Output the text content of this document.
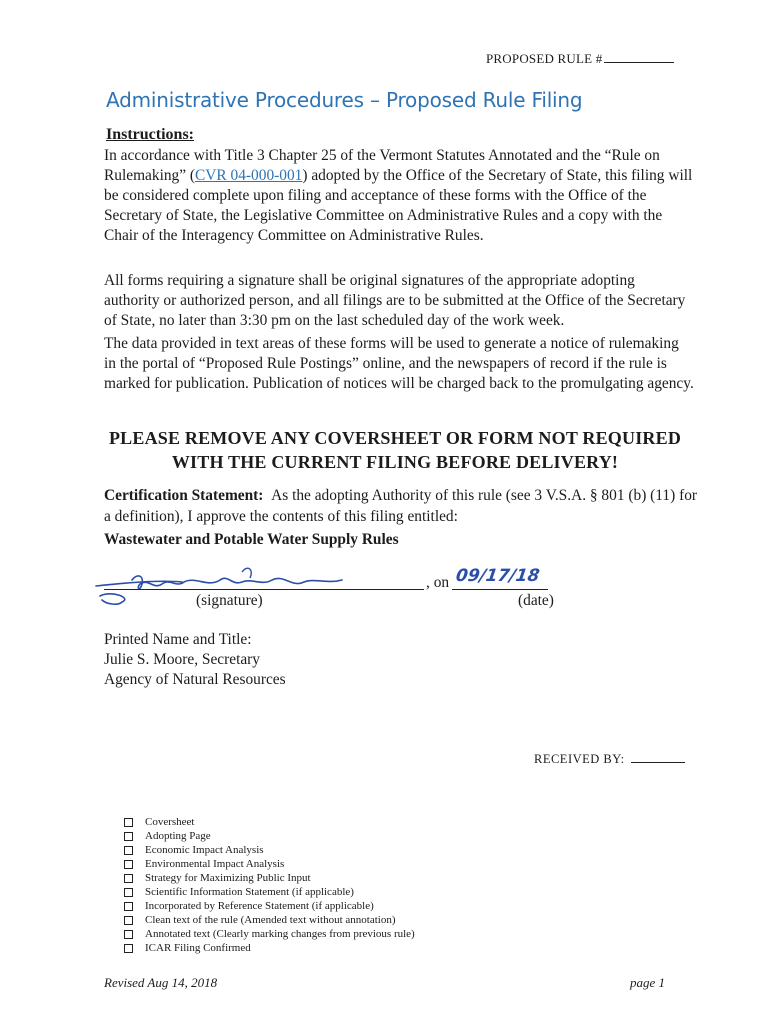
PROPOSED RULE #
Administrative Procedures – Proposed Rule Filing
Instructions:
In accordance with Title 3 Chapter 25 of the Vermont Statutes Annotated and the “Rule on Rulemaking” (CVR 04-000-001) adopted by the Office of the Secretary of State, this filing will be considered complete upon filing and acceptance of these forms with the Office of the Secretary of State, the Legislative Committee on Administrative Rules and a copy with the Chair of the Interagency Committee on Administrative Rules.
All forms requiring a signature shall be original signatures of the appropriate adopting authority or authorized person, and all filings are to be submitted at the Office of the Secretary of State, no later than 3:30 pm on the last scheduled day of the work week.
The data provided in text areas of these forms will be used to generate a notice of rulemaking in the portal of “Proposed Rule Postings” online, and the newspapers of record if the rule is marked for publication. Publication of notices will be charged back to the promulgating agency.
PLEASE REMOVE ANY COVERSHEET OR FORM NOT REQUIRED WITH THE CURRENT FILING BEFORE DELIVERY!
Certification Statement: As the adopting Authority of this rule (see 3 V.S.A. § 801 (b) (11) for a definition), I approve the contents of this filing entitled:
Wastewater and Potable Water Supply Rules
, on 09/17/18
(signature)	(date)
Printed Name and Title:
Julie S. Moore, Secretary
Agency of Natural Resources
RECEIVED BY:
Coversheet
Adopting Page
Economic Impact Analysis
Environmental Impact Analysis
Strategy for Maximizing Public Input
Scientific Information Statement (if applicable)
Incorporated by Reference Statement (if applicable)
Clean text of the rule (Amended text without annotation)
Annotated text (Clearly marking changes from previous rule)
ICAR Filing Confirmed
Revised Aug 14, 2018	page 1
